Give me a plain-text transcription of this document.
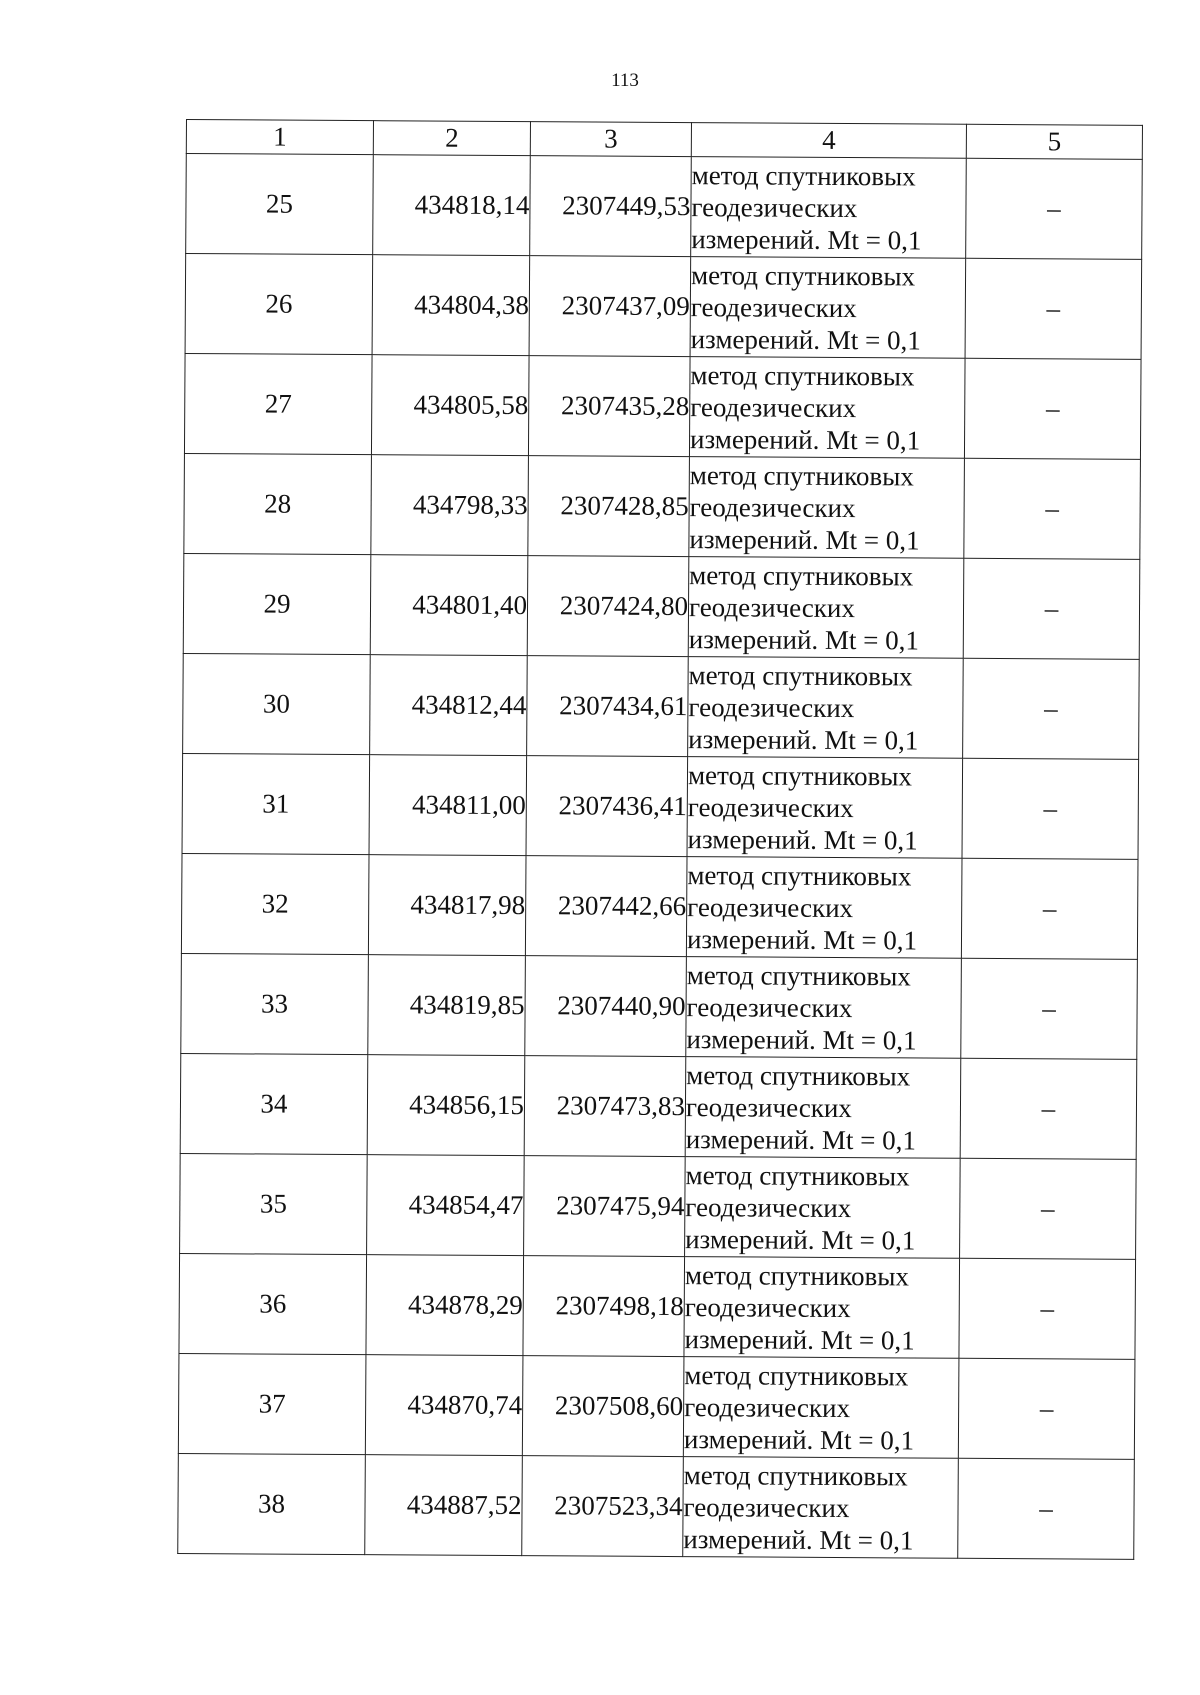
113
1	2	3	4	5
25	434818,14	2307449,53	метод спутниковых
геодезических
измерений. Mt = 0,1	–
26	434804,38	2307437,09	метод спутниковых
геодезических
измерений. Mt = 0,1	–
27	434805,58	2307435,28	метод спутниковых
геодезических
измерений. Mt = 0,1	–
28	434798,33	2307428,85	метод спутниковых
геодезических
измерений. Mt = 0,1	–
29	434801,40	2307424,80	метод спутниковых
геодезических
измерений. Mt = 0,1	–
30	434812,44	2307434,61	метод спутниковых
геодезических
измерений. Mt = 0,1	–
31	434811,00	2307436,41	метод спутниковых
геодезических
измерений. Mt = 0,1	–
32	434817,98	2307442,66	метод спутниковых
геодезических
измерений. Mt = 0,1	–
33	434819,85	2307440,90	метод спутниковых
геодезических
измерений. Mt = 0,1	–
34	434856,15	2307473,83	метод спутниковых
геодезических
измерений. Mt = 0,1	–
35	434854,47	2307475,94	метод спутниковых
геодезических
измерений. Mt = 0,1	–
36	434878,29	2307498,18	метод спутниковых
геодезических
измерений. Mt = 0,1	–
37	434870,74	2307508,60	метод спутниковых
геодезических
измерений. Mt = 0,1	–
38	434887,52	2307523,34	метод спутниковых
геодезических
измерений. Mt = 0,1	–
